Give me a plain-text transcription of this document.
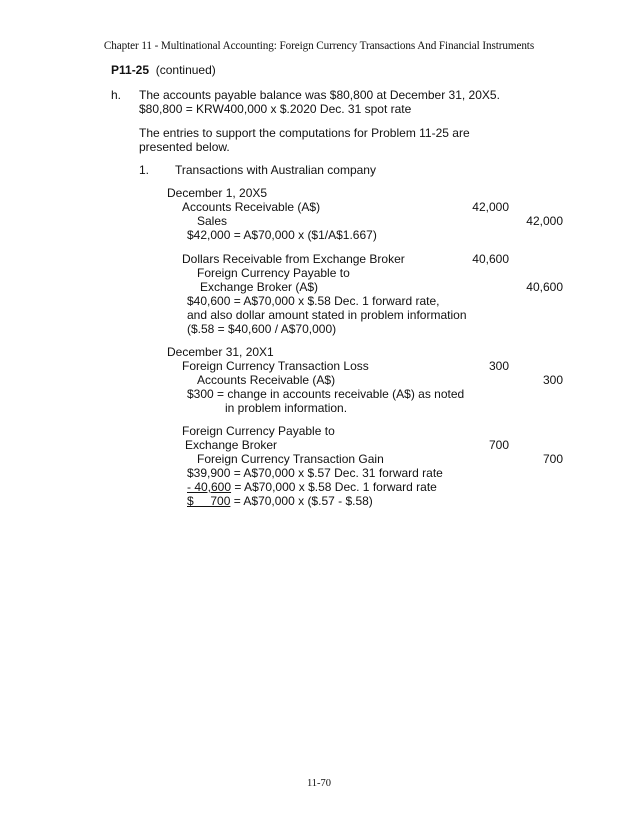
Chapter 11 - Multinational Accounting: Foreign Currency Transactions And Financial Instruments
P11-25 (continued)
h. The accounts payable balance was $80,800 at December 31, 20X5.
$80,800 = KRW400,000 x $.2020 Dec. 31 spot rate
The entries to support the computations for Problem 11-25 are
presented below.
1. Transactions with Australian company
December 1, 20X5
Accounts Receivable (A$)	42,000
Sales	42,000
$42,000 = A$70,000 x ($1/A$1.667)
Dollars Receivable from Exchange Broker	40,600
Foreign Currency Payable to
Exchange Broker (A$)	40,600
$40,600 = A$70,000 x $.58 Dec. 1 forward rate,
and also dollar amount stated in problem information
($.58 = $40,600 / A$70,000)
December 31, 20X1
Foreign Currency Transaction Loss	300
Accounts Receivable (A$)	300
$300 = change in accounts receivable (A$) as noted
in problem information.
Foreign Currency Payable to
Exchange Broker	700
Foreign Currency Transaction Gain	700
$39,900 = A$70,000 x $.57 Dec. 31 forward rate
- 40,600 = A$70,000 x $.58 Dec. 1 forward rate
$     700 = A$70,000 x ($.57 - $.58)
11-70
